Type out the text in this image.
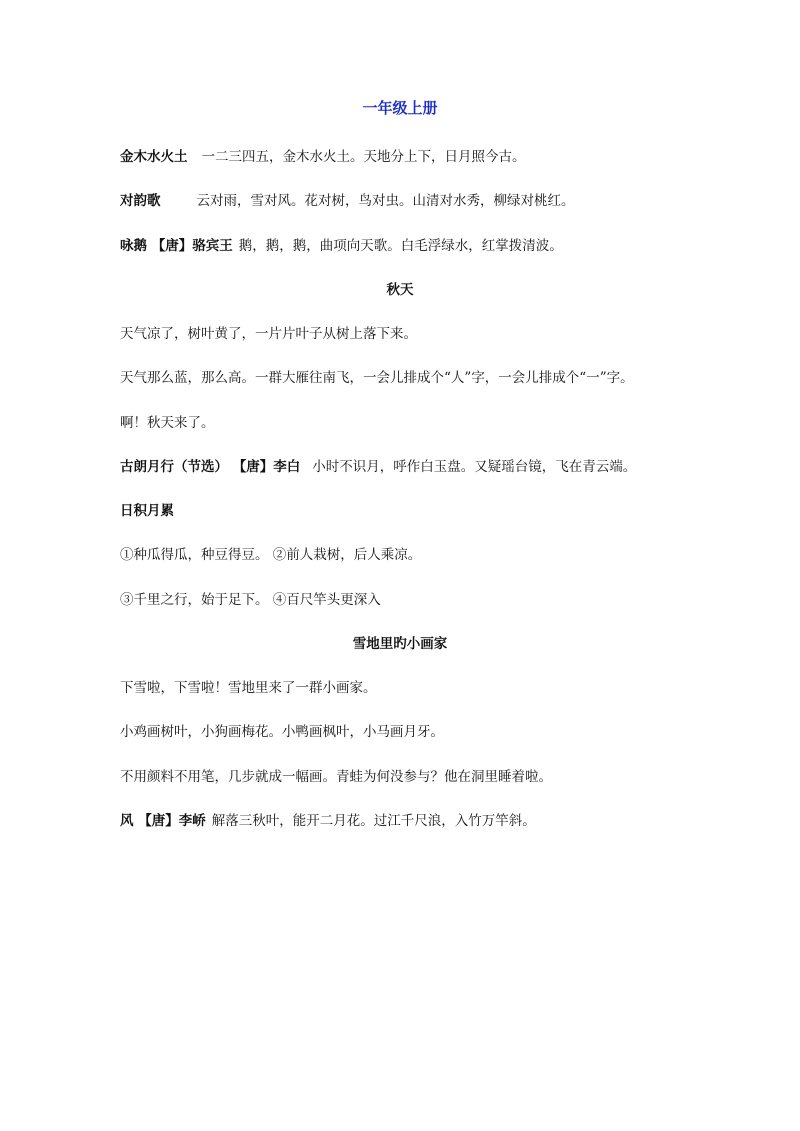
一年级上册
金木水火土 一二三四五，金木水火土。天地分上下，日月照今古。
对韵歌	云对雨，雪对风。花对树，鸟对虫。山清对水秀，柳绿对桃红。
咏鹅 【唐】骆宾王 鹅，鹅，鹅，曲项向天歌。白毛浮绿水，红掌拨清波。
秋天
天气凉了，树叶黄了，一片片叶子从树上落下来。
天气那么蓝，那么高。一群大雁往南飞，一会儿排成个“人”字，一会儿排成个“一”字。
啊！秋天来了。
古朗月行（节选） 【唐】李白 小时不识月，呼作白玉盘。又疑瑶台镜，飞在青云端。
日积月累
①种瓜得瓜，种豆得豆。 ②前人栽树，后人乘凉。
③千里之行，始于足下。 ④百尺竿头更深入
雪地里旳小画家
下雪啦，下雪啦！雪地里来了一群小画家。
小鸡画树叶，小狗画梅花。小鸭画枫叶，小马画月牙。
不用颜料不用笔，几步就成一幅画。青蛙为何没参与？他在洞里睡着啦。
风 【唐】李峤 解落三秋叶，能开二月花。过江千尺浪，入竹万竿斜。
